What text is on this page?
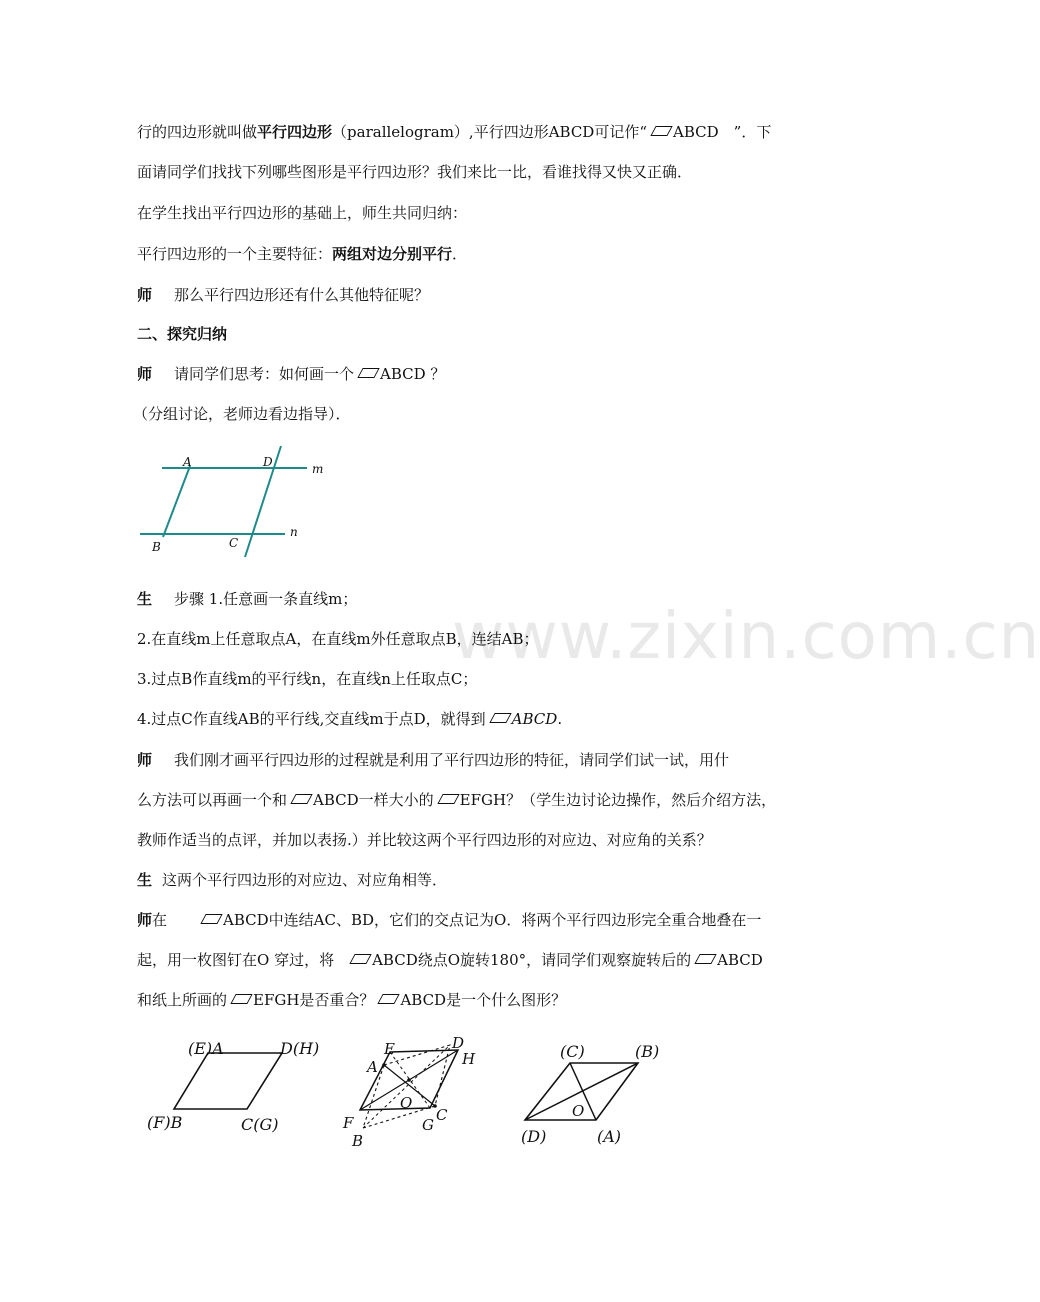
www.zixin.com.cn
行的四边形就叫做平行四边形（parallelogram）,平行四边形ABCD可记作“ ABCD　”．下
面请同学们找找下列哪些图形是平行四边形？我们来比一比，看谁找得又快又正确．
在学生找出平行四边形的基础上，师生共同归纳：
平行四边形的一个主要特征：两组对边分别平行．
师 那么平行四边形还有什么其他特征呢？
二、探究归纳
师 请同学们思考：如何画一个 ABCD ？
（分组讨论，老师边看边指导）．
A	D	m
B	C
n
生 步骤 1.任意画一条直线m；
2.在直线m上任意取点A，在直线m外任意取点B，连结AB；
3.过点B作直线m的平行线n，在直线n上任取点C；
4.过点C作直线AB的平行线,交直线m于点D，就得到 ABCD.
师 我们刚才画平行四边形的过程就是利用了平行四边形的特征，请同学们试一试，用什
么方法可以再画一个和 ABCD一样大小的 EFGH？（学生边讨论边操作，然后介绍方法，
教师作适当的点评，并加以表扬.）并比较这两个平行四边形的对应边、对应角的关系？
生 这两个平行四边形的对应边、对应角相等．
师在	ABCD中连结AC、BD，它们的交点记为O．将两个平行四边形完全重合地叠在一
起，用一枚图钉在O 穿过，将	ABCD绕点O旋转180°，请同学们观察旋转后的 ABCD
和纸上所画的 EFGH是否重合？ ABCD是一个什么图形？
(E)A	D(H)
(F)B	C(G)
E	D
A	H
O
C
F	G
B
(C)	(B)
O
(D)	(A)
